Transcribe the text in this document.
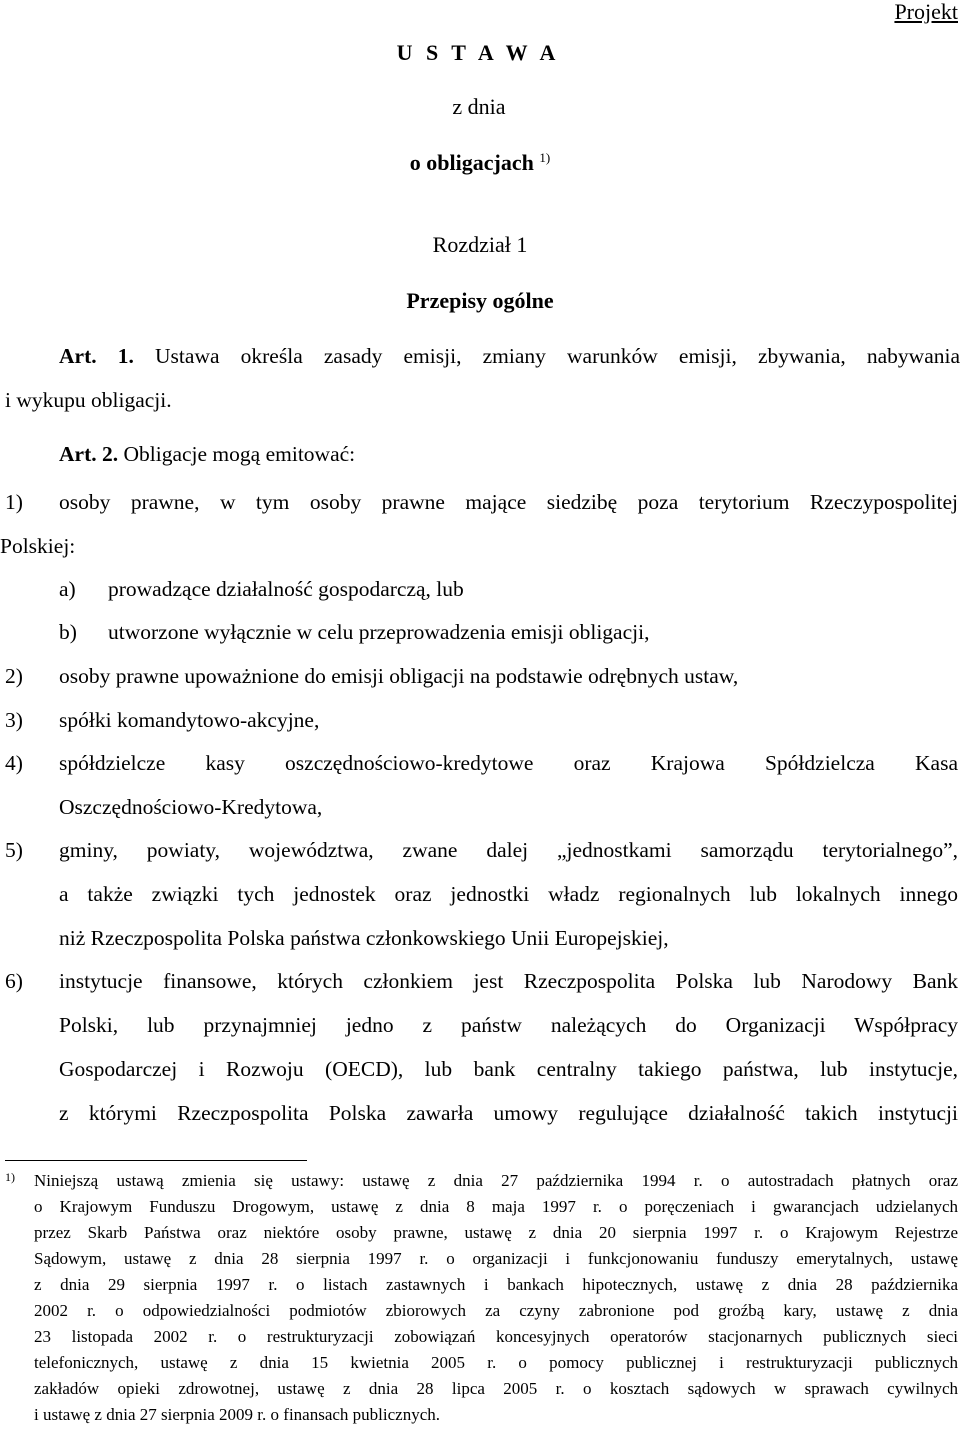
Projekt
U S T A W A
z dnia
o obligacjach $^{1)}$
Rozdział 1
Przepisy ogólne
Art. 1. Ustawa określa zasady emisji, zmiany warunków emisji, zbywania, nabywania
i wykupu obligacji.
Art. 2. Obligacje mogą emitować:
1) osoby prawne, w tym osoby prawne mające siedzibę poza terytorium Rzeczypospolitej
Polskiej:
a) prowadzące działalność gospodarczą, lub
b) utworzone wyłącznie w celu przeprowadzenia emisji obligacji,
2) osoby prawne upoważnione do emisji obligacji na podstawie odrębnych ustaw,
3) spółki komandytowo-akcyjne,
4) spółdzielcze kasy oszczędnościowo-kredytowe oraz Krajowa Spółdzielcza Kasa
Oszczędnościowo-Kredytowa,
5) gminy, powiaty, województwa, zwane dalej „jednostkami samorządu terytorialnego”,
a także związki tych jednostek oraz jednostki władz regionalnych lub lokalnych innego
niż Rzeczpospolita Polska państwa członkowskiego Unii Europejskiej,
6) instytucje finansowe, których członkiem jest Rzeczpospolita Polska lub Narodowy Bank
Polski, lub przynajmniej jedno z państw należących do Organizacji Współpracy
Gospodarczej i Rozwoju (OECD), lub bank centralny takiego państwa, lub instytucje,
z którymi Rzeczpospolita Polska zawarła umowy regulujące działalność takich instytucji
1) Niniejszą ustawą zmienia się ustawy: ustawę z dnia 27 października 1994 r. o autostradach płatnych oraz
o Krajowym Funduszu Drogowym, ustawę z dnia 8 maja 1997 r. o poręczeniach i gwarancjach udzielanych
przez Skarb Państwa oraz niektóre osoby prawne, ustawę z dnia 20 sierpnia 1997 r. o Krajowym Rejestrze
Sądowym, ustawę z dnia 28 sierpnia 1997 r. o organizacji i funkcjonowaniu funduszy emerytalnych, ustawę
z dnia 29 sierpnia 1997 r. o listach zastawnych i bankach hipotecznych, ustawę z dnia 28 października
2002 r. o odpowiedzialności podmiotów zbiorowych za czyny zabronione pod groźbą kary, ustawę z dnia
23 listopada 2002 r. o restrukturyzacji zobowiązań koncesyjnych operatorów stacjonarnych publicznych sieci
telefonicznych, ustawę z dnia 15 kwietnia 2005 r. o pomocy publicznej i restrukturyzacji publicznych
zakładów opieki zdrowotnej, ustawę z dnia 28 lipca 2005 r. o kosztach sądowych w sprawach cywilnych
i ustawę z dnia 27 sierpnia 2009 r. o finansach publicznych.
